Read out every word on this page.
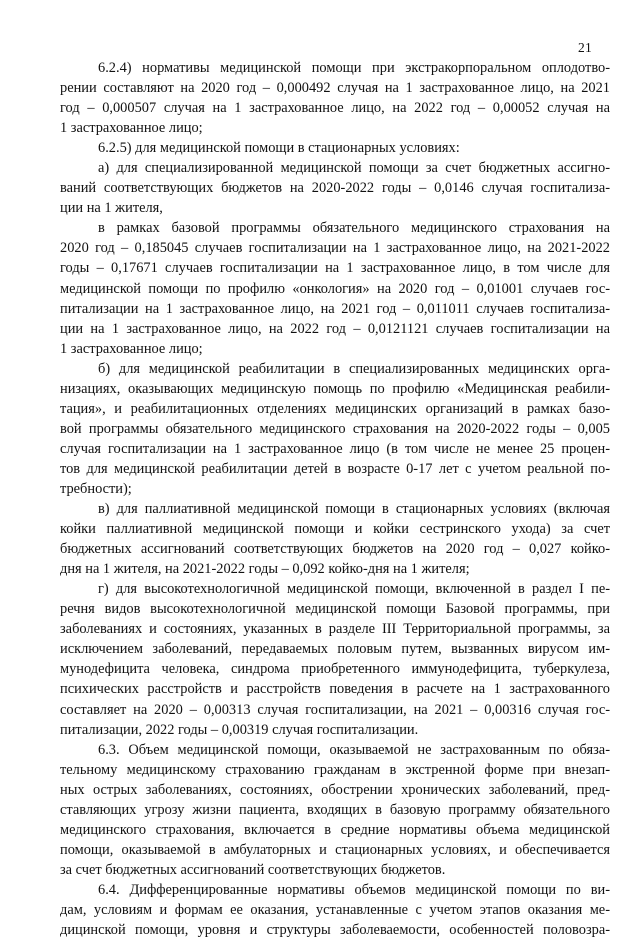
21
6.2.4) нормативы медицинской помощи при экстракорпоральном оплодотво-
рении составляют на 2020 год – 0,000492 случая на 1 застрахованное лицо, на 2021
год – 0,000507 случая на 1 застрахованное лицо, на 2022 год – 0,00052 случая на
1 застрахованное лицо;
6.2.5) для медицинской помощи в стационарных условиях:
а) для специализированной медицинской помощи за счет бюджетных ассигно-
ваний соответствующих бюджетов на 2020-2022 годы – 0,0146 случая госпитализа-
ции на 1 жителя,
в рамках базовой программы обязательного медицинского страхования на
2020 год – 0,185045 случаев госпитализации на 1 застрахованное лицо, на 2021-2022
годы – 0,17671 случаев госпитализации на 1 застрахованное лицо, в том числе для
медицинской помощи по профилю «онкология» на 2020 год – 0,01001 случаев гос-
питализации на 1 застрахованное лицо, на 2021 год – 0,011011 случаев госпитализа-
ции на 1 застрахованное лицо, на 2022 год – 0,0121121 случаев госпитализации на
1 застрахованное лицо;
б) для медицинской реабилитации в специализированных медицинских орга-
низациях, оказывающих медицинскую помощь по профилю «Медицинская реабили-
тация», и реабилитационных отделениях медицинских организаций в рамках базо-
вой программы обязательного медицинского страхования на 2020-2022 годы – 0,005
случая госпитализации на 1 застрахованное лицо (в том числе не менее 25 процен-
тов для медицинской реабилитации детей в возрасте 0-17 лет с учетом реальной по-
требности);
в) для паллиативной медицинской помощи в стационарных условиях (включая
койки паллиативной медицинской помощи и койки сестринского ухода) за счет
бюджетных ассигнований соответствующих бюджетов на 2020 год – 0,027 койко-
дня на 1 жителя, на 2021-2022 годы – 0,092 койко-дня на 1 жителя;
г) для высокотехнологичной медицинской помощи, включенной в раздел I пе-
речня видов высокотехнологичной медицинской помощи Базовой программы, при
заболеваниях и состояниях, указанных в разделе III Территориальной программы, за
исключением заболеваний, передаваемых половым путем, вызванных вирусом им-
мунодефицита человека, синдрома приобретенного иммунодефицита, туберкулеза,
психических расстройств и расстройств поведения в расчете на 1 застрахованного
составляет на 2020 – 0,00313 случая госпитализации, на 2021 – 0,00316 случая гос-
питализации, 2022 годы – 0,00319 случая госпитализации.
6.3. Объем медицинской помощи, оказываемой не застрахованным по обяза-
тельному медицинскому страхованию гражданам в экстренной форме при внезап-
ных острых заболеваниях, состояниях, обострении хронических заболеваний, пред-
ставляющих угрозу жизни пациента, входящих в базовую программу обязательного
медицинского страхования, включается в средние нормативы объема медицинской
помощи, оказываемой в амбулаторных и стационарных условиях, и обеспечивается
за счет бюджетных ассигнований соответствующих бюджетов.
6.4. Дифференцированные нормативы объемов медицинской помощи по ви-
дам, условиям и формам ее оказания, устанавленные с учетом этапов оказания ме-
дицинской помощи, уровня и структуры заболеваемости, особенностей половозра-
